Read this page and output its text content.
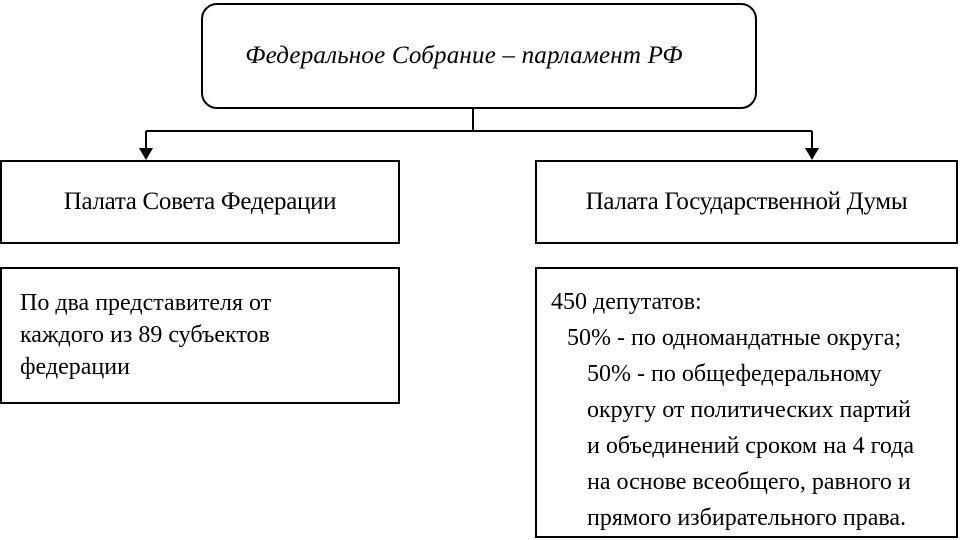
Федеральное Собрание – парламент РФ
Палата Совета Федерации	Палата Государственной Думы
По два представителя от
каждого из 89 субъектов
федерации
450 депутатов:
50% - по одномандатные округа;
50% - по общефедеральному
округу от политических партий
и объединений сроком на 4 года
на основе всеобщего, равного и
прямого избирательного права.
